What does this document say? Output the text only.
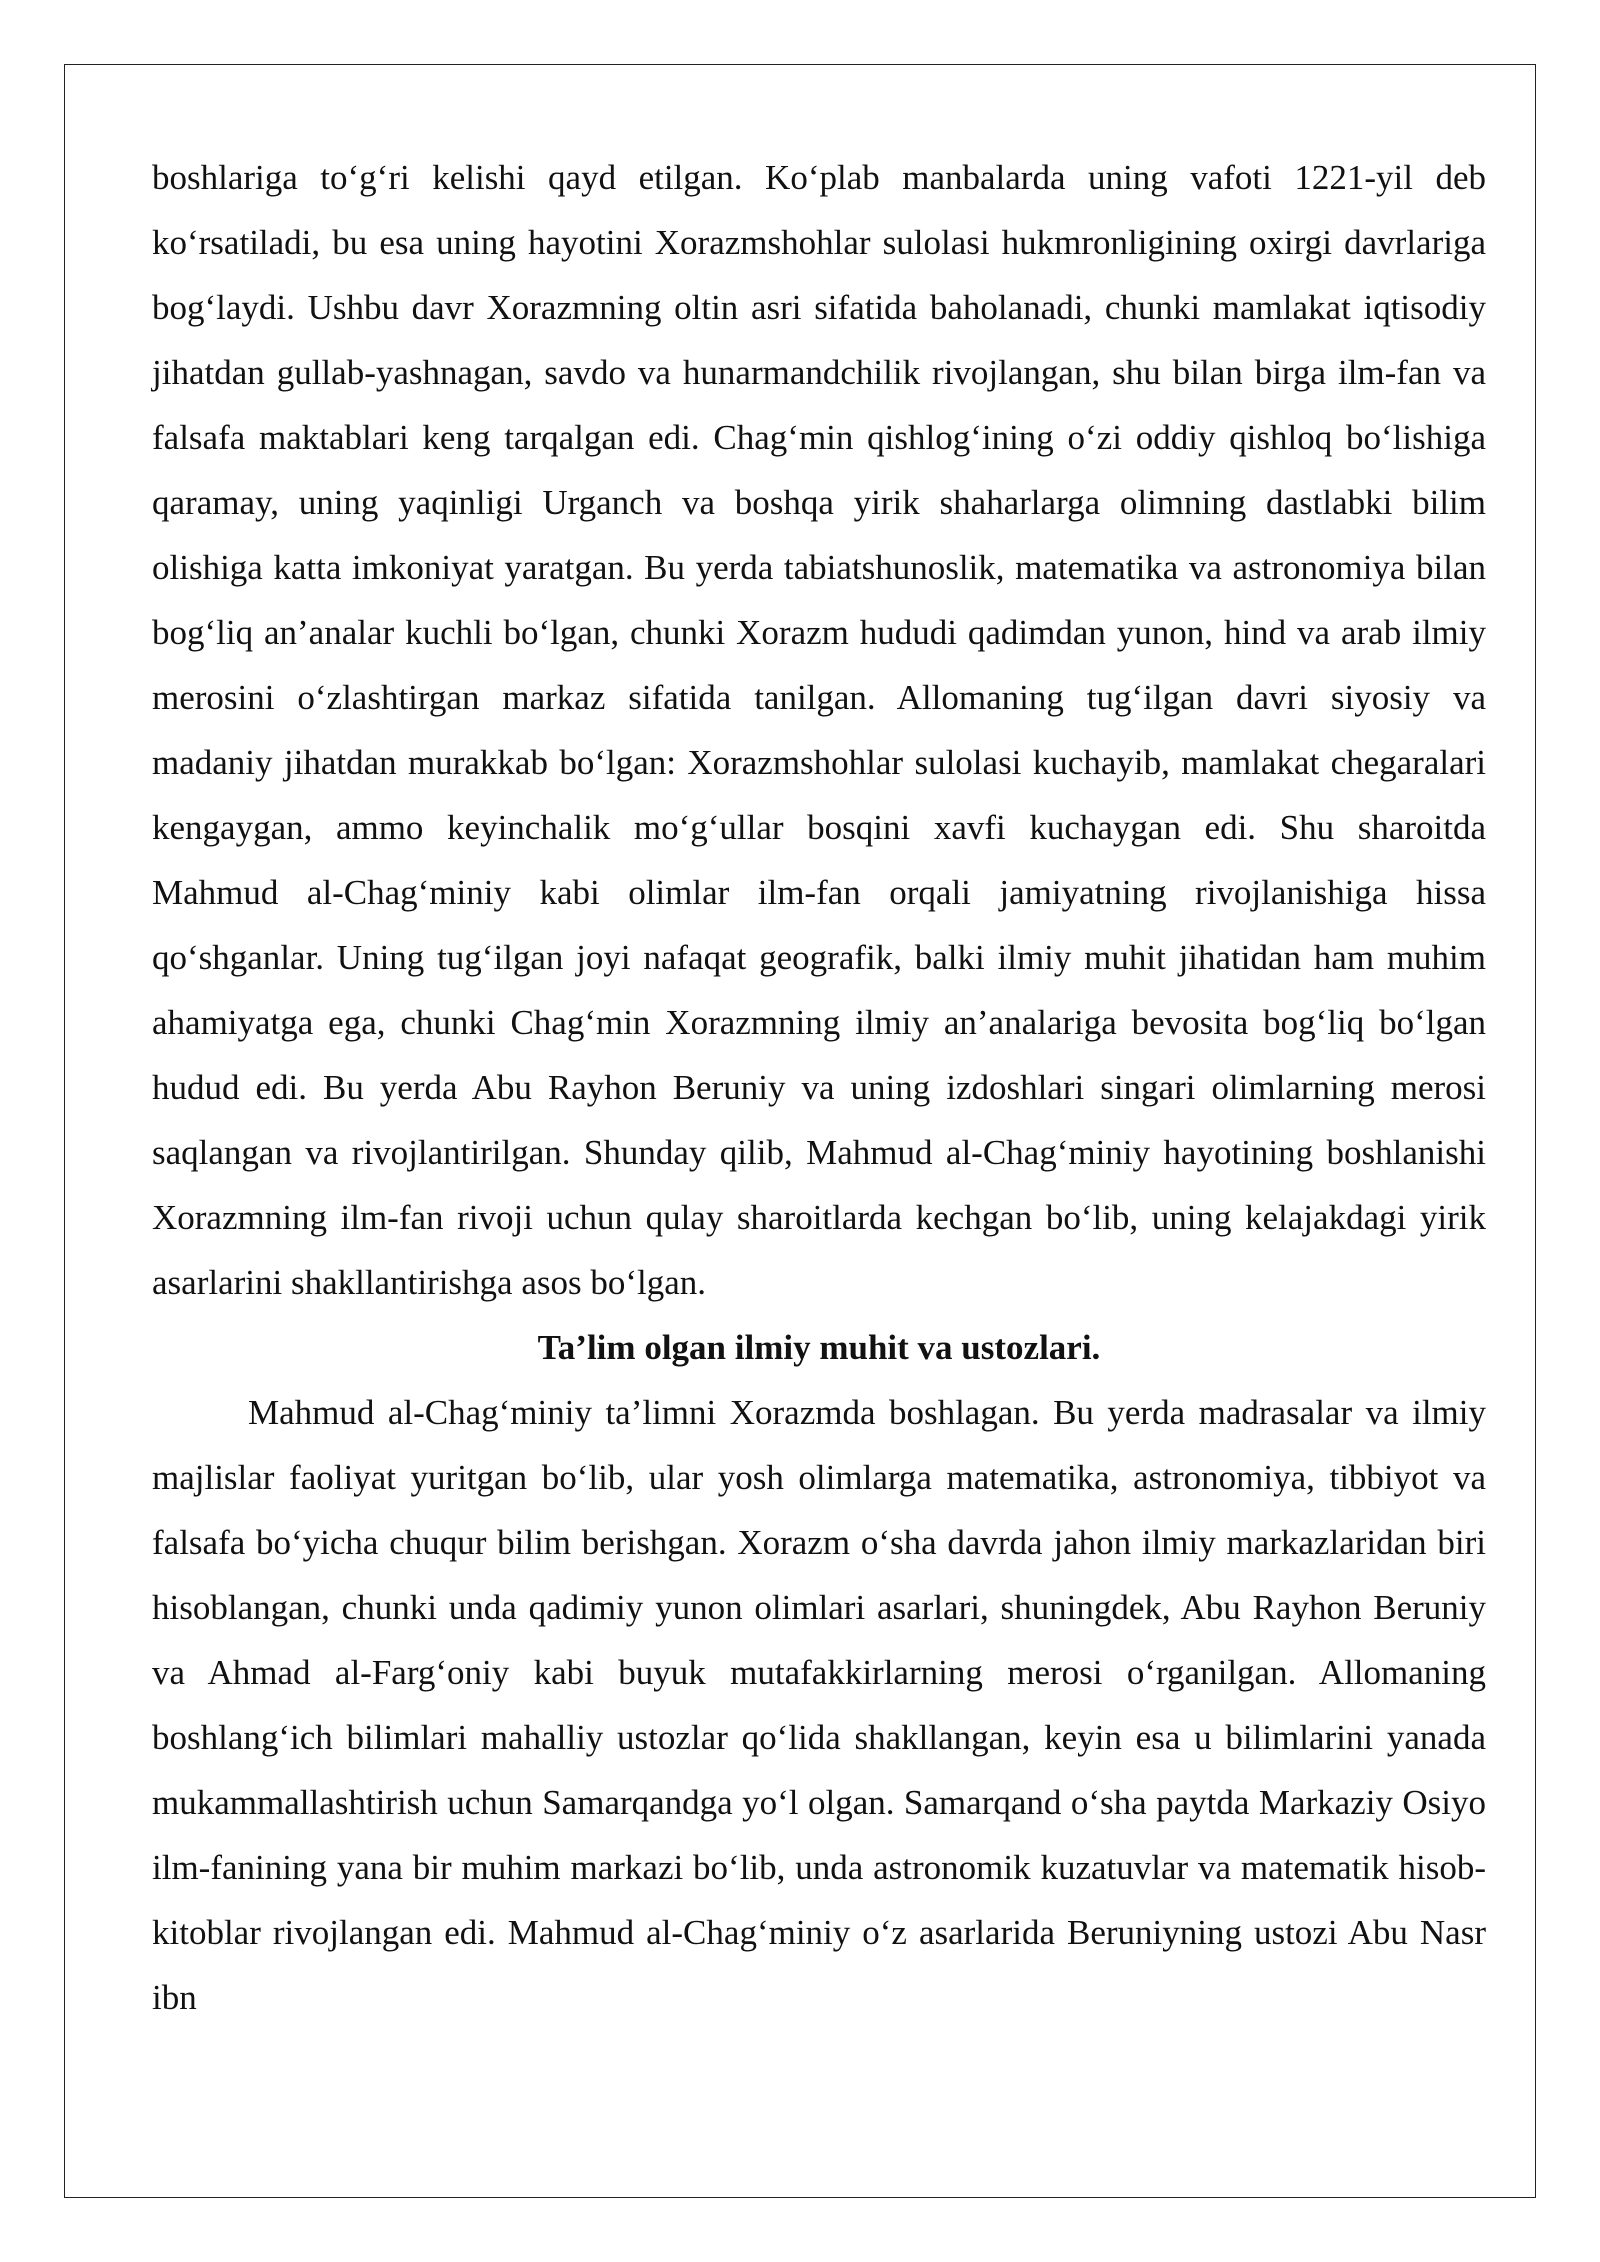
boshlariga to‘g‘ri kelishi qayd etilgan. Ko‘plab manbalarda uning vafoti 1221-yil deb ko‘rsatiladi, bu esa uning hayotini Xorazmshohlar sulolasi hukmronligining oxirgi davrlariga bog‘laydi. Ushbu davr Xorazmning oltin asri sifatida baholanadi, chunki mamlakat iqtisodiy jihatdan gullab-yashnagan, savdo va hunarmandchilik rivojlangan, shu bilan birga ilm-fan va falsafa maktablari keng tarqalgan edi. Chag‘min qishlog‘ining o‘zi oddiy qishloq bo‘lishiga qaramay, uning yaqinligi Urganch va boshqa yirik shaharlarga olimning dastlabki bilim olishiga katta imkoniyat yaratgan. Bu yerda tabiatshunoslik, matematika va astronomiya bilan bog‘liq an’analar kuchli bo‘lgan, chunki Xorazm hududi qadimdan yunon, hind va arab ilmiy merosini o‘zlashtirgan markaz sifatida tanilgan. Allomaning tug‘ilgan davri siyosiy va madaniy jihatdan murakkab bo‘lgan: Xorazmshohlar sulolasi kuchayib, mamlakat chegaralari kengaygan, ammo keyinchalik mo‘g‘ullar bosqini xavfi kuchaygan edi. Shu sharoitda Mahmud al-Chag‘miniy kabi olimlar ilm-fan orqali jamiyatning rivojlanishiga hissa qo‘shganlar. Uning tug‘ilgan joyi nafaqat geografik, balki ilmiy muhit jihatidan ham muhim ahamiyatga ega, chunki Chag‘min Xorazmning ilmiy an’analariga bevosita bog‘liq bo‘lgan hudud edi. Bu yerda Abu Rayhon Beruniy va uning izdoshlari singari olimlarning merosi saqlangan va rivojlantirilgan. Shunday qilib, Mahmud al-Chag‘miniy hayotining boshlanishi Xorazmning ilm-fan rivoji uchun qulay sharoitlarda kechgan bo‘lib, uning kelajakdagi yirik asarlarini shakllantirishga asos bo‘lgan.

Ta’lim olgan ilmiy muhit va ustozlari.

Mahmud al-Chag‘miniy ta’limni Xorazmda boshlagan. Bu yerda madrasalar va ilmiy majlislar faoliyat yuritgan bo‘lib, ular yosh olimlarga matematika, astronomiya, tibbiyot va falsafa bo‘yicha chuqur bilim berishgan. Xorazm o‘sha davrda jahon ilmiy markazlaridan biri hisoblangan, chunki unda qadimiy yunon olimlari asarlari, shuningdek, Abu Rayhon Beruniy va Ahmad al-Farg‘oniy kabi buyuk mutafakkirlarning merosi o‘rganilgan. Allomaning boshlang‘ich bilimlari mahalliy ustozlar qo‘lida shakllangan, keyin esa u bilimlarini yanada mukammallashtirish uchun Samarqandga yo‘l olgan. Samarqand o‘sha paytda Markaziy Osiyo ilm-fanining yana bir muhim markazi bo‘lib, unda astronomik kuzatuvlar va matematik hisob-kitoblar rivojlangan edi. Mahmud al-Chag‘miniy o‘z asarlarida Beruniyning ustozi Abu Nasr ibn
